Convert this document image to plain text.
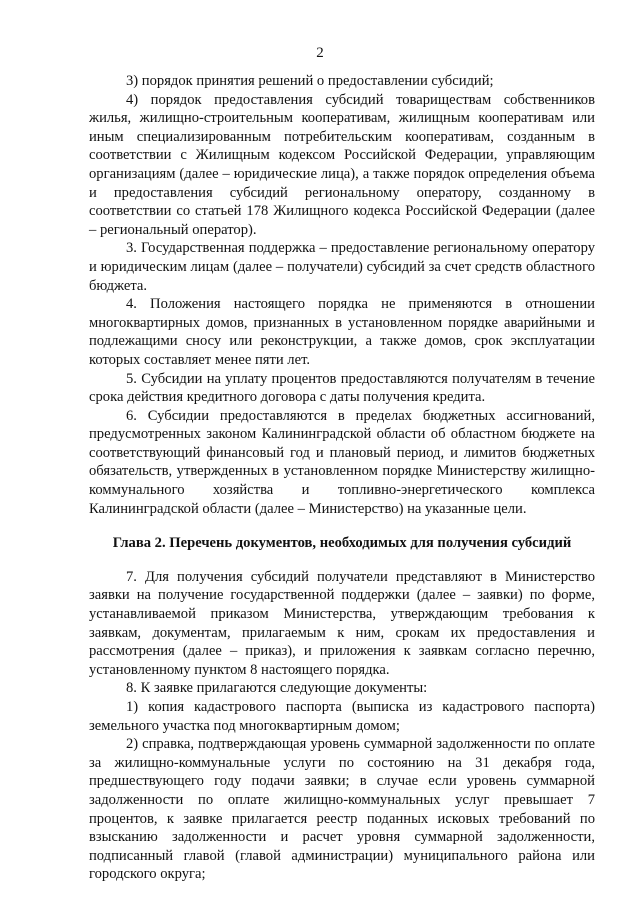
2

3) порядок принятия решений о предоставлении субсидий;

4) порядок предоставления субсидий товариществам собственников жилья, жилищно-строительным кооперативам, жилищным кооперативам или иным специализированным потребительским кооперативам, созданным в соответствии с Жилищным кодексом Российской Федерации, управляющим организациям (далее – юридические лица), а также порядок определения объема и предоставления субсидий региональному оператору, созданному в соответствии со статьей 178 Жилищного кодекса Российской Федерации (далее – региональный оператор).

3. Государственная поддержка – предоставление региональному оператору и юридическим лицам (далее – получатели) субсидий за счет средств областного бюджета.

4. Положения настоящего порядка не применяются в отношении многоквартирных домов, признанных в установленном порядке аварийными и подлежащими сносу или реконструкции, а также домов, срок эксплуатации которых составляет менее пяти лет.

5. Субсидии на уплату процентов предоставляются получателям в течение срока действия кредитного договора с даты получения кредита.

6. Субсидии предоставляются в пределах бюджетных ассигнований, предусмотренных законом Калининградской области об областном бюджете на соответствующий финансовый год и плановый период, и лимитов бюджетных обязательств, утвержденных в установленном порядке Министерству жилищно-коммунального хозяйства и топливно-энергетического комплекса Калининградской области (далее – Министерство) на указанные цели.

Глава 2. Перечень документов, необходимых для получения субсидий

7. Для получения субсидий получатели представляют в Министерство заявки на получение государственной поддержки (далее – заявки) по форме, устанавливаемой приказом Министерства, утверждающим требования к заявкам, документам, прилагаемым к ним, срокам их предоставления и рассмотрения (далее – приказ), и приложения к заявкам согласно перечню, установленному пунктом 8 настоящего порядка.

8. К заявке прилагаются следующие документы:

1) копия кадастрового паспорта (выписка из кадастрового паспорта) земельного участка под многоквартирным домом;

2) справка, подтверждающая уровень суммарной задолженности по оплате за жилищно-коммунальные услуги по состоянию на 31 декабря года, предшествующего году подачи заявки; в случае если уровень суммарной задолженности по оплате жилищно-коммунальных услуг превышает 7 процентов, к заявке прилагается реестр поданных исковых требований по взысканию задолженности и расчет уровня суммарной задолженности, подписанный главой (главой администрации) муниципального района или городского округа;
